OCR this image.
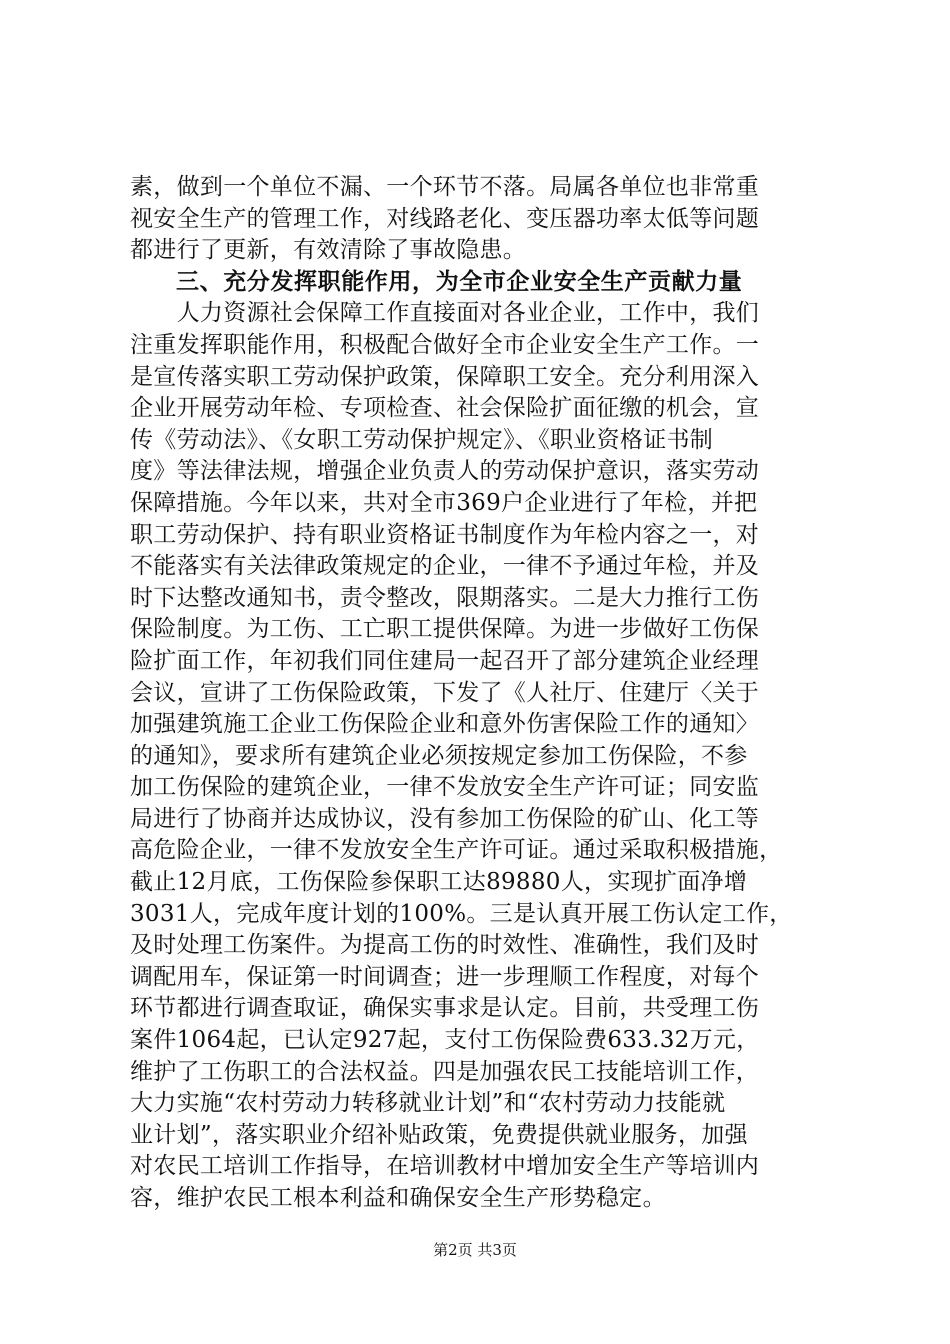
素，做到一个单位不漏、一个环节不落。局属各单位也非常重
视安全生产的管理工作，对线路老化、变压器功率太低等问题
都进行了更新，有效清除了事故隐患。
三、充分发挥职能作用，为全市企业安全生产贡献力量
　　人力资源社会保障工作直接面对各业企业，工作中，我们
注重发挥职能作用，积极配合做好全市企业安全生产工作。一
是宣传落实职工劳动保护政策，保障职工安全。充分利用深入
企业开展劳动年检、专项检查、社会保险扩面征缴的机会，宣
传《劳动法》、《女职工劳动保护规定》、《职业资格证书制
度》等法律法规，增强企业负责人的劳动保护意识，落实劳动
保障措施。今年以来，共对全市369户企业进行了年检，并把
职工劳动保护、持有职业资格证书制度作为年检内容之一，对
不能落实有关法律政策规定的企业，一律不予通过年检，并及
时下达整改通知书，责令整改，限期落实。二是大力推行工伤
保险制度。为工伤、工亡职工提供保障。为进一步做好工伤保
险扩面工作，年初我们同住建局一起召开了部分建筑企业经理
会议，宣讲了工伤保险政策，下发了《人社厅、住建厅〈关于
加强建筑施工企业工伤保险企业和意外伤害保险工作的通知〉
的通知》，要求所有建筑企业必须按规定参加工伤保险，不参
加工伤保险的建筑企业，一律不发放安全生产许可证；同安监
局进行了协商并达成协议，没有参加工伤保险的矿山、化工等
高危险企业，一律不发放安全生产许可证。通过采取积极措施，
截止12月底，工伤保险参保职工达89880人，实现扩面净增
3031人，完成年度计划的100%。三是认真开展工伤认定工作，
及时处理工伤案件。为提高工伤的时效性、准确性，我们及时
调配用车，保证第一时间调查；进一步理顺工作程度，对每个
环节都进行调查取证，确保实事求是认定。目前，共受理工伤
案件1064起，已认定927起，支付工伤保险费633.32万元，
维护了工伤职工的合法权益。四是加强农民工技能培训工作，
大力实施“农村劳动力转移就业计划”和“农村劳动力技能就
业计划”，落实职业介绍补贴政策，免费提供就业服务，加强
对农民工培训工作指导，在培训教材中增加安全生产等培训内
容，维护农民工根本利益和确保安全生产形势稳定。
第2页 共3页
